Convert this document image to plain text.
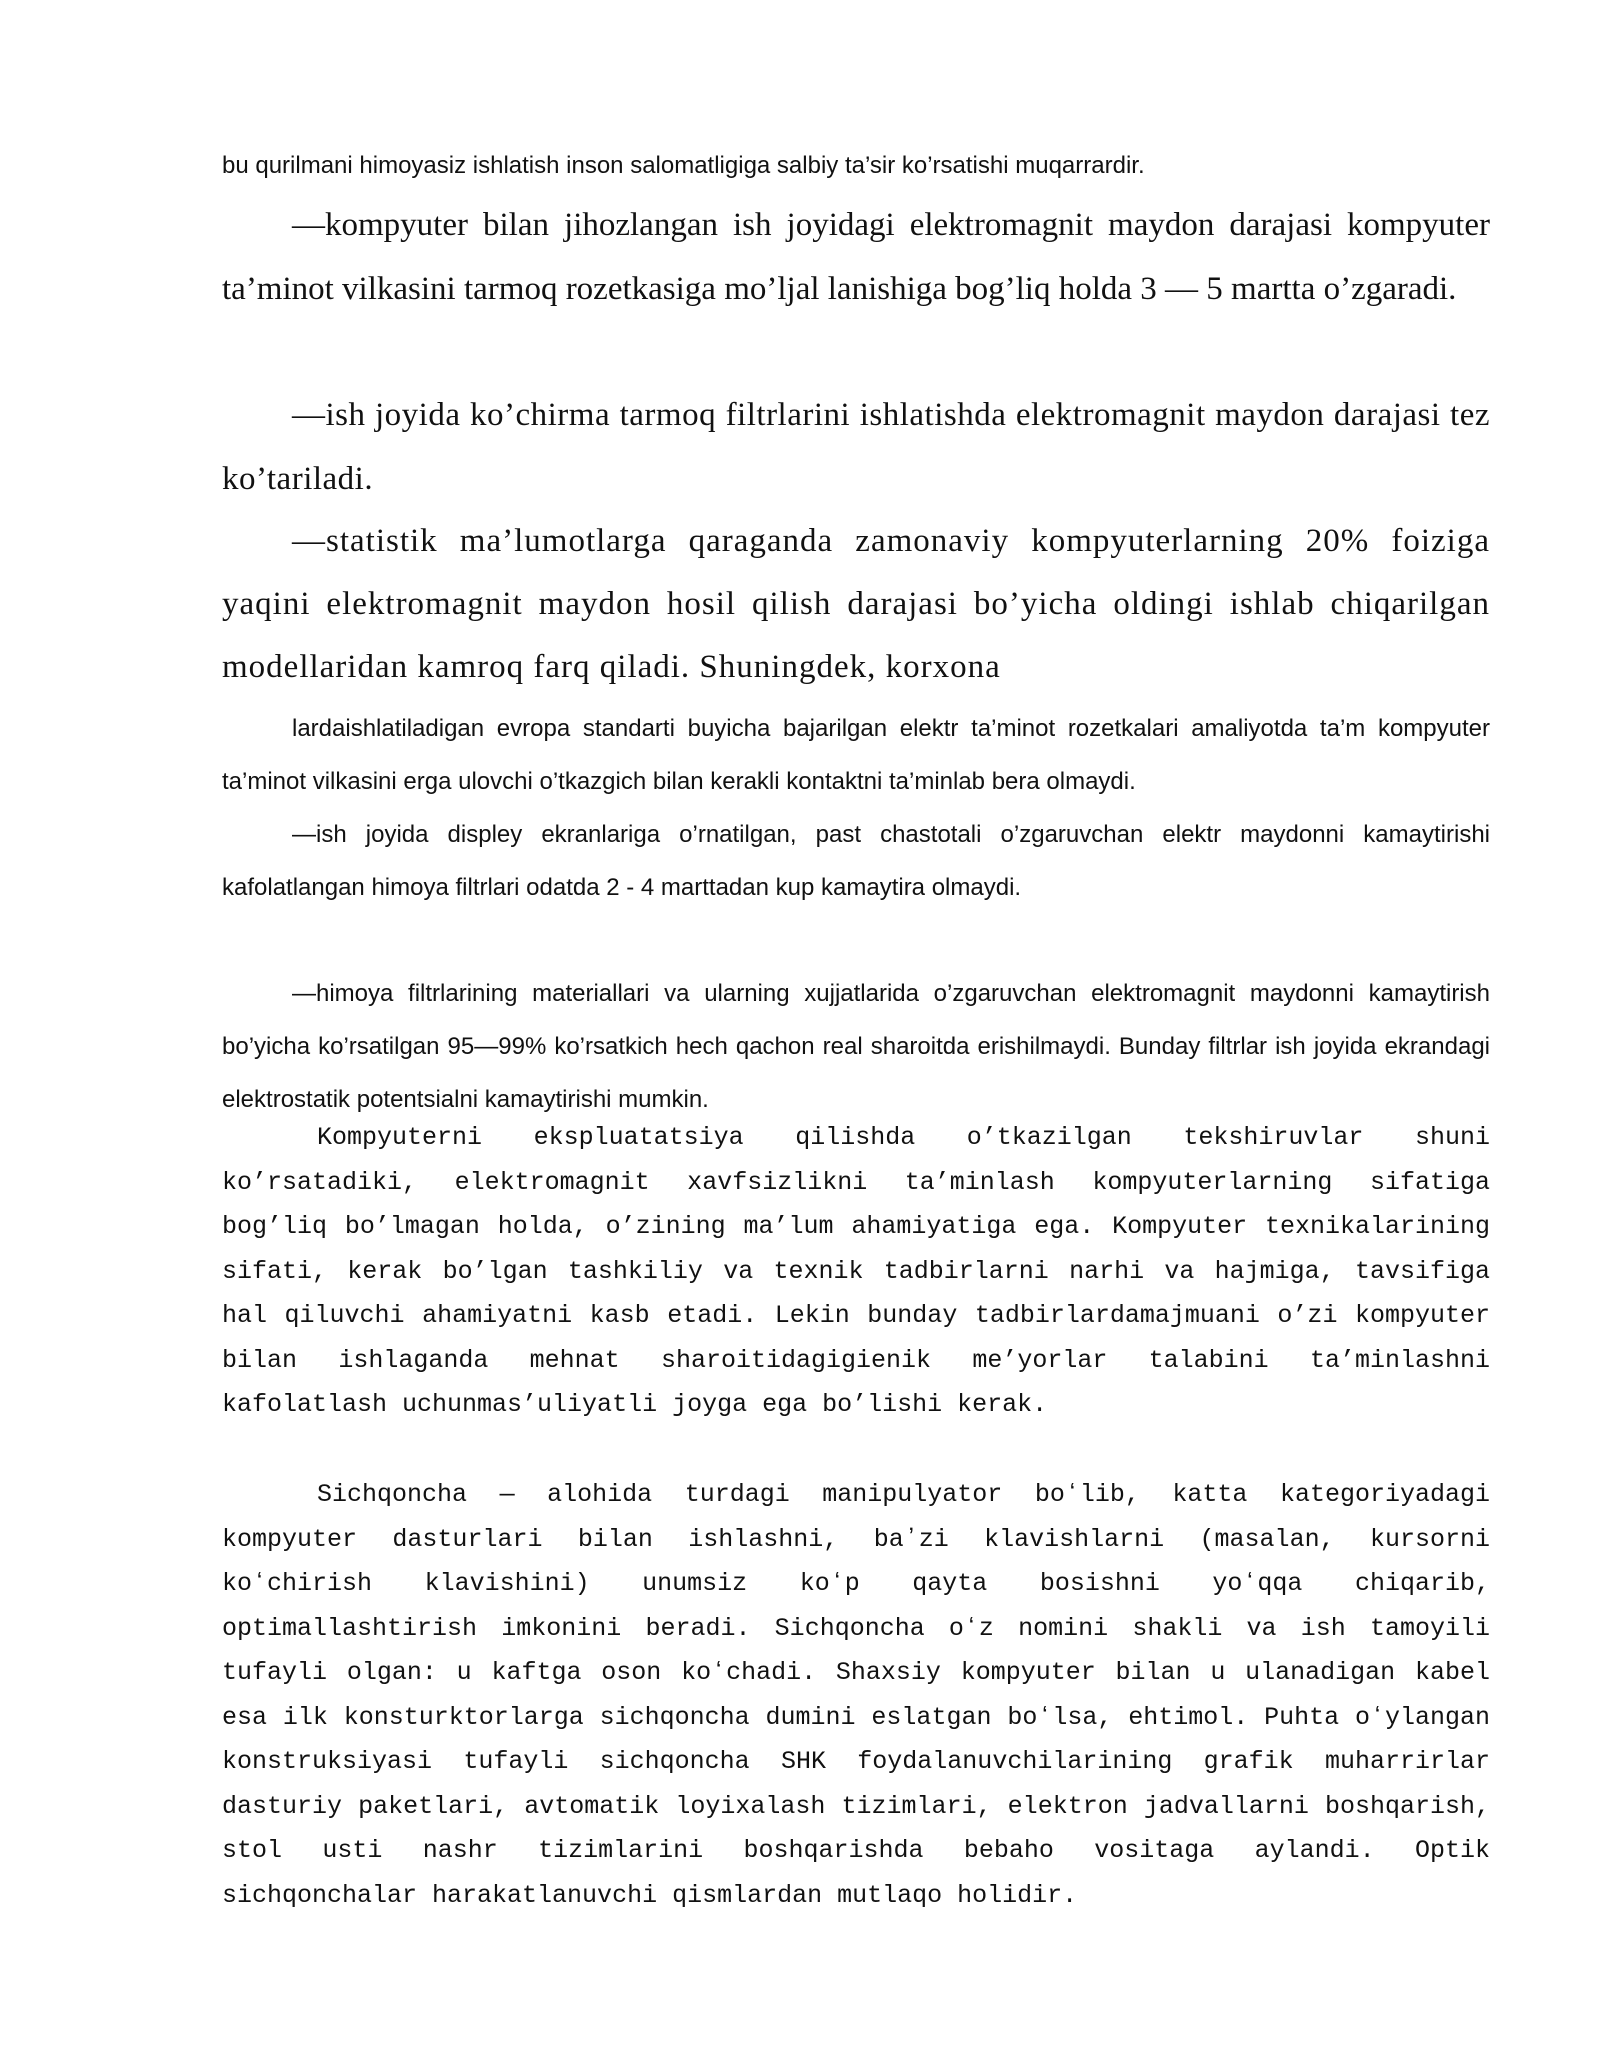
bu qurilmani himoyasiz ishlatish inson salomatligiga salbiy ta’sir ko’rsatishi muqarrardir.

—kompyuter bilan jihozlangan ish joyidagi elektromagnit maydon darajasi kompyuter ta’minot vilkasini tarmoq rozetkasiga mo’ljal lanishiga bog’liq holda 3 — 5 martta o’zgaradi.

—ish joyida ko’chirma tarmoq filtrlarini ishlatishda elektromagnit maydon darajasi tez ko’tariladi.

—statistik ma’lumotlarga qaraganda zamonaviy kompyuterlarning 20% foiziga yaqini elektromagnit maydon hosil qilish darajasi bo’yicha oldingi ishlab chiqarilgan modellaridan kamroq farq qiladi. Shuningdek, korxona

lardaishlatiladigan evropa standarti buyicha bajarilgan elektr ta’minot rozetkalari amaliyotda ta’m kompyuter ta’minot vilkasini erga ulovchi o’tkazgich bilan kerakli kontaktni ta’minlab bera olmaydi.

—ish joyida displey ekranlariga o’rnatilgan, past chastotali o’zgaruvchan elektr maydonni kamaytirishi kafolatlangan himoya filtrlari odatda 2 - 4 marttadan kup kamaytira olmaydi.

—himoya filtrlarining materiallari va ularning xujjatlarida o’zgaruvchan elektromagnit maydonni kamaytirish bo’yicha ko’rsatilgan 95—99% ko’rsatkich hech qachon real sharoitda erishilmaydi. Bunday filtrlar ish joyida ekrandagi elektrostatik potentsialni kamaytirishi mumkin.

Kompyuterni ekspluatatsiya qilishda o’tkazilgan tekshiruvlar shuni ko’rsatadiki, elektromagnit xavfsizlikni ta’minlash kompyuterlarning sifatiga bog’liq bo’lmagan holda, o’zining ma’lum ahamiyatiga ega. Kompyuter texnikalarining sifati, kerak bo’lgan tashkiliy va texnik tadbirlarni narhi va hajmiga, tavsifiga hal qiluvchi ahamiyatni kasb etadi. Lekin bunday tadbirlardamajmuani o’zi kompyuter bilan ishlaganda mehnat sharoitidagigienik me’yorlar talabini ta’minlashni kafolatlash uchunmas’uliyatli joyga ega bo’lishi kerak.

Sichqoncha — alohida turdagi manipulyator boʻlib, katta kategoriyadagi kompyuter dasturlari bilan ishlashni, baʼzi klavishlarni (masalan, kursorni koʻchirish klavishini) unumsiz koʻp qayta bosishni yoʻqqa chiqarib, optimallashtirish imkonini beradi. Sichqoncha oʻz nomini shakli va ish tamoyili tufayli olgan: u kaftga oson koʻchadi. Shaxsiy kompyuter bilan u ulanadigan kabel esa ilk konsturktorlarga sichqoncha dumini eslatgan boʻlsa, ehtimol. Puhta oʻylangan konstruksiyasi tufayli sichqoncha SHK foydalanuvchilarining grafik muharrirlar dasturiy paketlari, avtomatik loyixalash tizimlari, elektron jadvallarni boshqarish, stol usti nashr tizimlarini boshqarishda bebaho vositaga aylandi. Optik sichqonchalar harakatlanuvchi qismlardan mutlaqo holidir.
